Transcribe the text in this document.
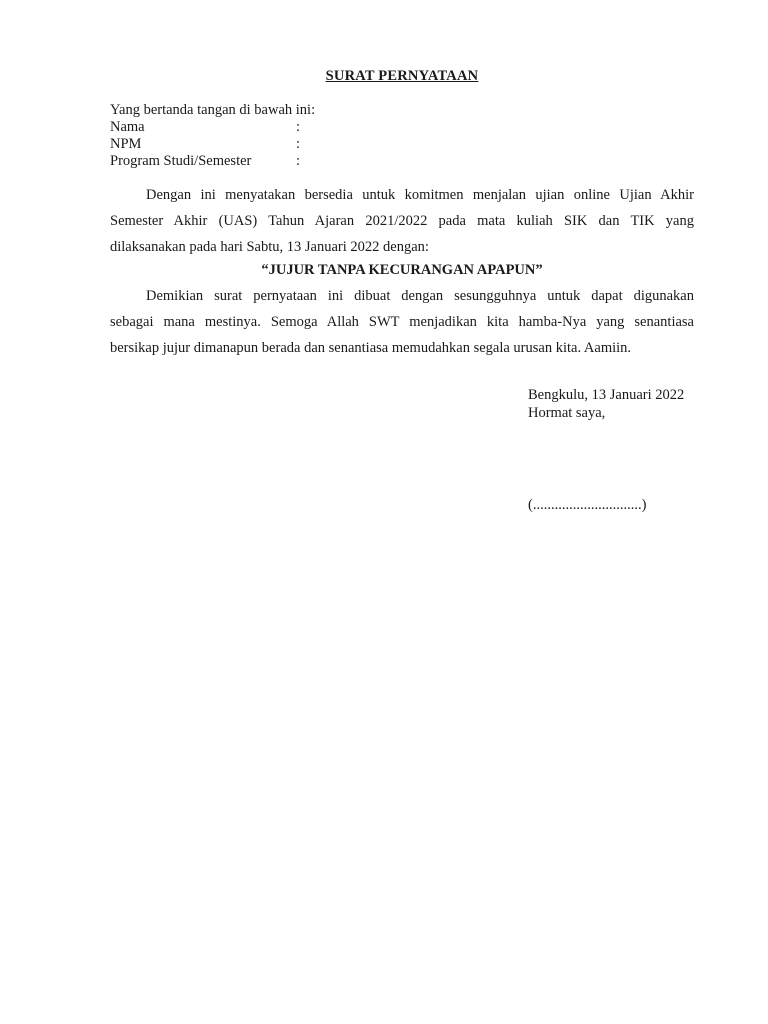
SURAT PERNYATAAN
Yang bertanda tangan di bawah ini:
Nama	:
NPM	:
Program Studi/Semester	:
Dengan ini menyatakan bersedia untuk komitmen menjalan ujian online Ujian Akhir
Semester Akhir (UAS) Tahun Ajaran 2021/2022 pada mata kuliah SIK dan TIK yang
dilaksanakan pada hari Sabtu, 13 Januari 2022 dengan:
“JUJUR TANPA KECURANGAN APAPUN”
Demikian surat pernyataan ini dibuat dengan sesungguhnya untuk dapat digunakan
sebagai mana mestinya. Semoga Allah SWT menjadikan kita hamba-Nya yang senantiasa
bersikap jujur dimanapun berada dan senantiasa memudahkan segala urusan kita. Aamiin.
Bengkulu, 13 Januari 2022
Hormat saya,
(..............................)
